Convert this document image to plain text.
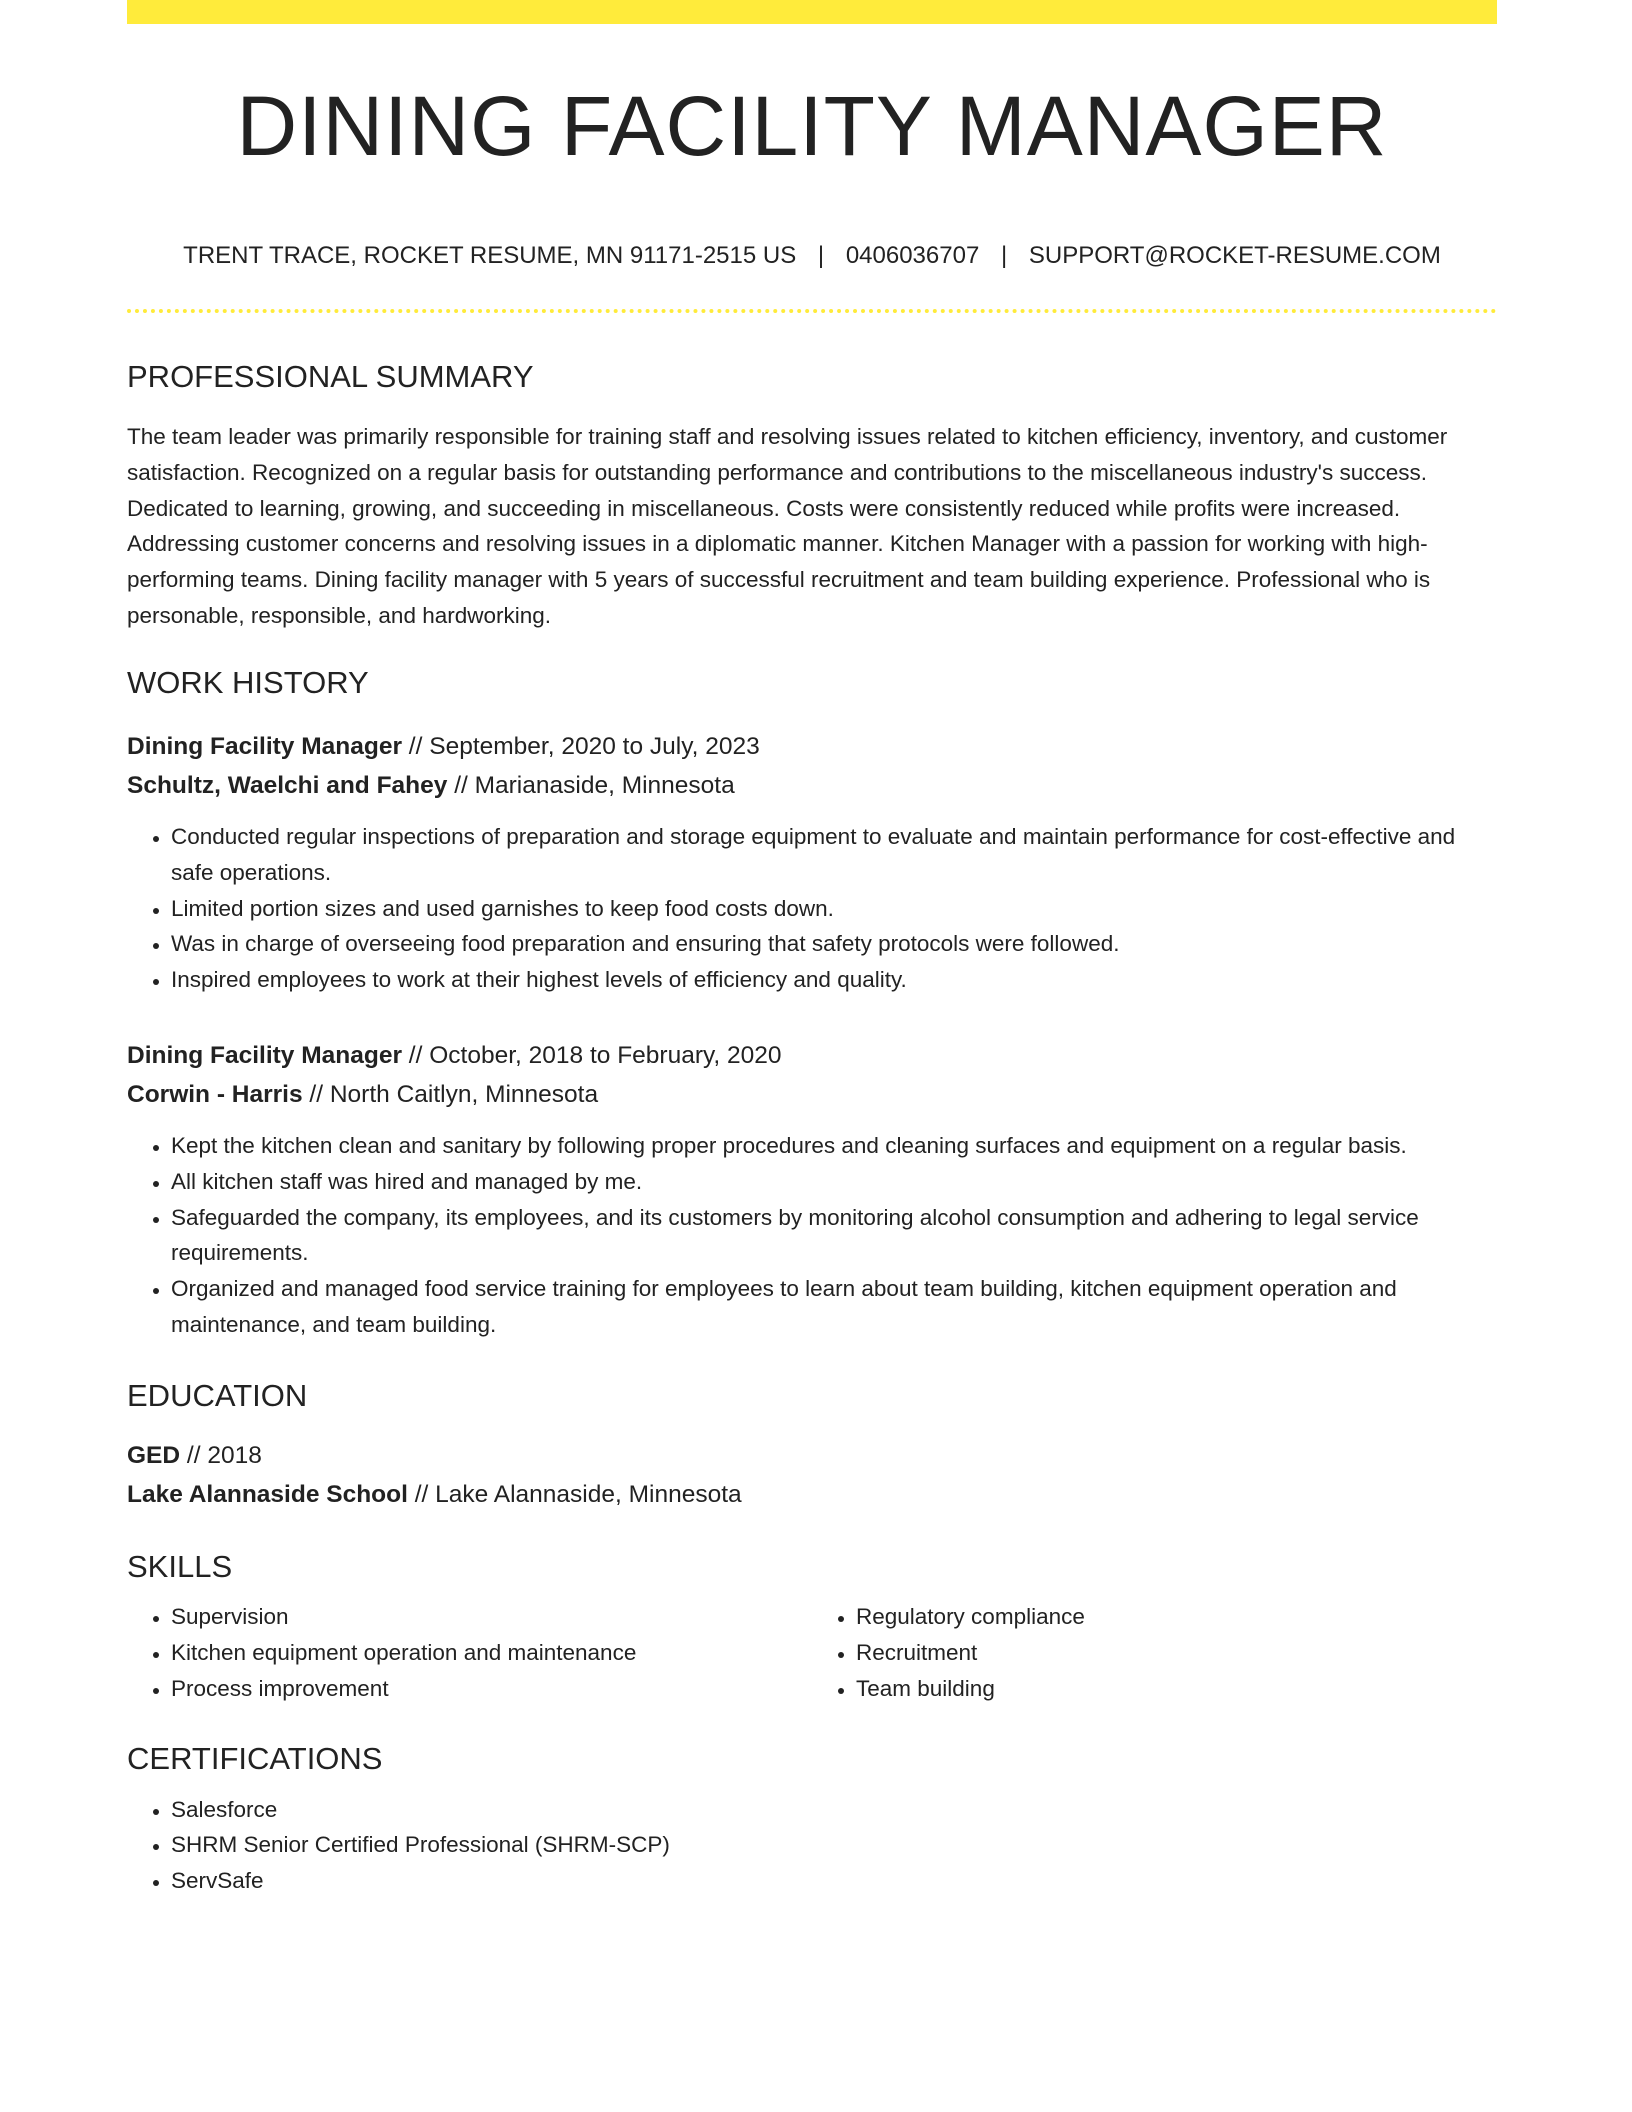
DINING FACILITY MANAGER
TRENT TRACE, ROCKET RESUME, MN 91171-2515 US | 0406036707 | SUPPORT@ROCKET-RESUME.COM
PROFESSIONAL SUMMARY

The team leader was primarily responsible for training staff and resolving issues related to kitchen efficiency, inventory, and customer satisfaction. Recognized on a regular basis for outstanding performance and contributions to the miscellaneous industry's success. Dedicated to learning, growing, and succeeding in miscellaneous. Costs were consistently reduced while profits were increased. Addressing customer concerns and resolving issues in a diplomatic manner. Kitchen Manager with a passion for working with high-performing teams. Dining facility manager with 5 years of successful recruitment and team building experience. Professional who is personable, responsible, and hardworking.

WORK HISTORY
Dining Facility Manager // September, 2020 to July, 2023
Schultz, Waelchi and Fahey // Marianaside, Minnesota
• Conducted regular inspections of preparation and storage equipment to evaluate and maintain performance for cost-effective and safe operations.
• Limited portion sizes and used garnishes to keep food costs down.
• Was in charge of overseeing food preparation and ensuring that safety protocols were followed.
• Inspired employees to work at their highest levels of efficiency and quality.
Dining Facility Manager // October, 2018 to February, 2020
Corwin - Harris // North Caitlyn, Minnesota
• Kept the kitchen clean and sanitary by following proper procedures and cleaning surfaces and equipment on a regular basis.
• All kitchen staff was hired and managed by me.
• Safeguarded the company, its employees, and its customers by monitoring alcohol consumption and adhering to legal service requirements.
• Organized and managed food service training for employees to learn about team building, kitchen equipment operation and maintenance, and team building.
EDUCATION
GED // 2018
Lake Alannaside School // Lake Alannaside, Minnesota
SKILLS
• Supervision
• Kitchen equipment operation and maintenance
• Process improvement
• Regulatory compliance
• Recruitment
• Team building
CERTIFICATIONS
• Salesforce
• SHRM Senior Certified Professional (SHRM-SCP)
• ServSafe
